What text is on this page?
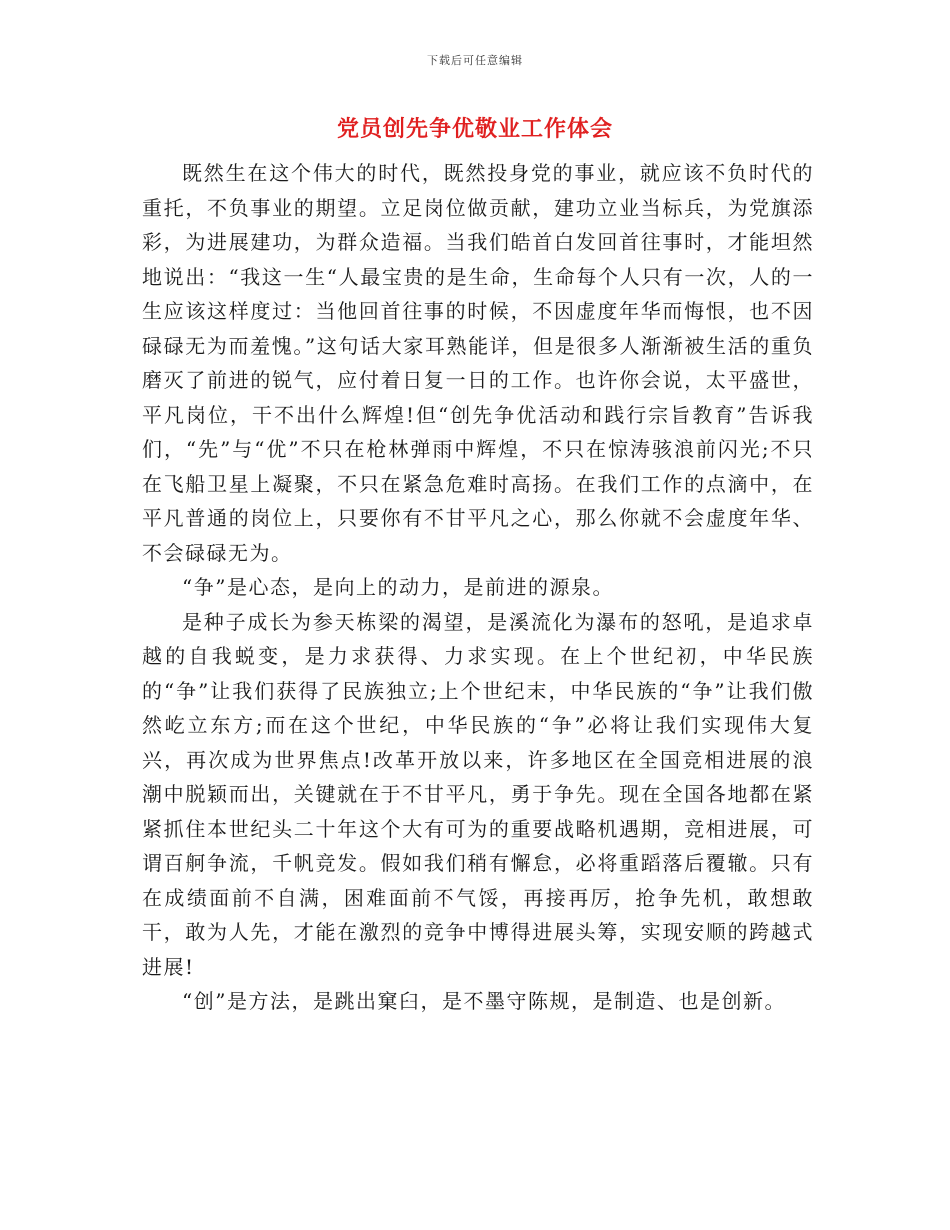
下载后可任意编辑
党员创先争优敬业工作体会

既然生在这个伟大的时代，既然投身党的事业，就应该不负时代的重托，不负事业的期望。立足岗位做贡献，建功立业当标兵，为党旗添彩，为进展建功，为群众造福。当我们皓首白发回首往事时，才能坦然地说出：“我这一生“人最宝贵的是生命，生命每个人只有一次，人的一生应该这样度过：当他回首往事的时候，不因虚度年华而悔恨，也不因碌碌无为而羞愧。”这句话大家耳熟能详，但是很多人渐渐被生活的重负磨灭了前进的锐气，应付着日复一日的工作。也许你会说，太平盛世，平凡岗位，干不出什么辉煌!但“创先争优活动和践行宗旨教育”告诉我们，“先”与“优”不只在枪林弹雨中辉煌，不只在惊涛骇浪前闪光;不只在飞船卫星上凝聚，不只在紧急危难时高扬。在我们工作的点滴中，在平凡普通的岗位上，只要你有不甘平凡之心，那么你就不会虚度年华、不会碌碌无为。

“争”是心态，是向上的动力，是前进的源泉。

是种子成长为参天栋梁的渴望，是溪流化为瀑布的怒吼，是追求卓越的自我蜕变，是力求获得、力求实现。在上个世纪初，中华民族的“争”让我们获得了民族独立;上个世纪末，中华民族的“争”让我们傲然屹立东方;而在这个世纪，中华民族的“争”必将让我们实现伟大复兴，再次成为世界焦点!改革开放以来，许多地区在全国竞相进展的浪潮中脱颖而出，关键就在于不甘平凡，勇于争先。现在全国各地都在紧紧抓住本世纪头二十年这个大有可为的重要战略机遇期，竞相进展，可谓百舸争流，千帆竞发。假如我们稍有懈怠，必将重蹈落后覆辙。只有在成绩面前不自满，困难面前不气馁，再接再厉，抢争先机，敢想敢干，敢为人先，才能在激烈的竞争中博得进展头筹，实现安顺的跨越式进展!

“创”是方法，是跳出窠臼，是不墨守陈规，是制造、也是创新。
